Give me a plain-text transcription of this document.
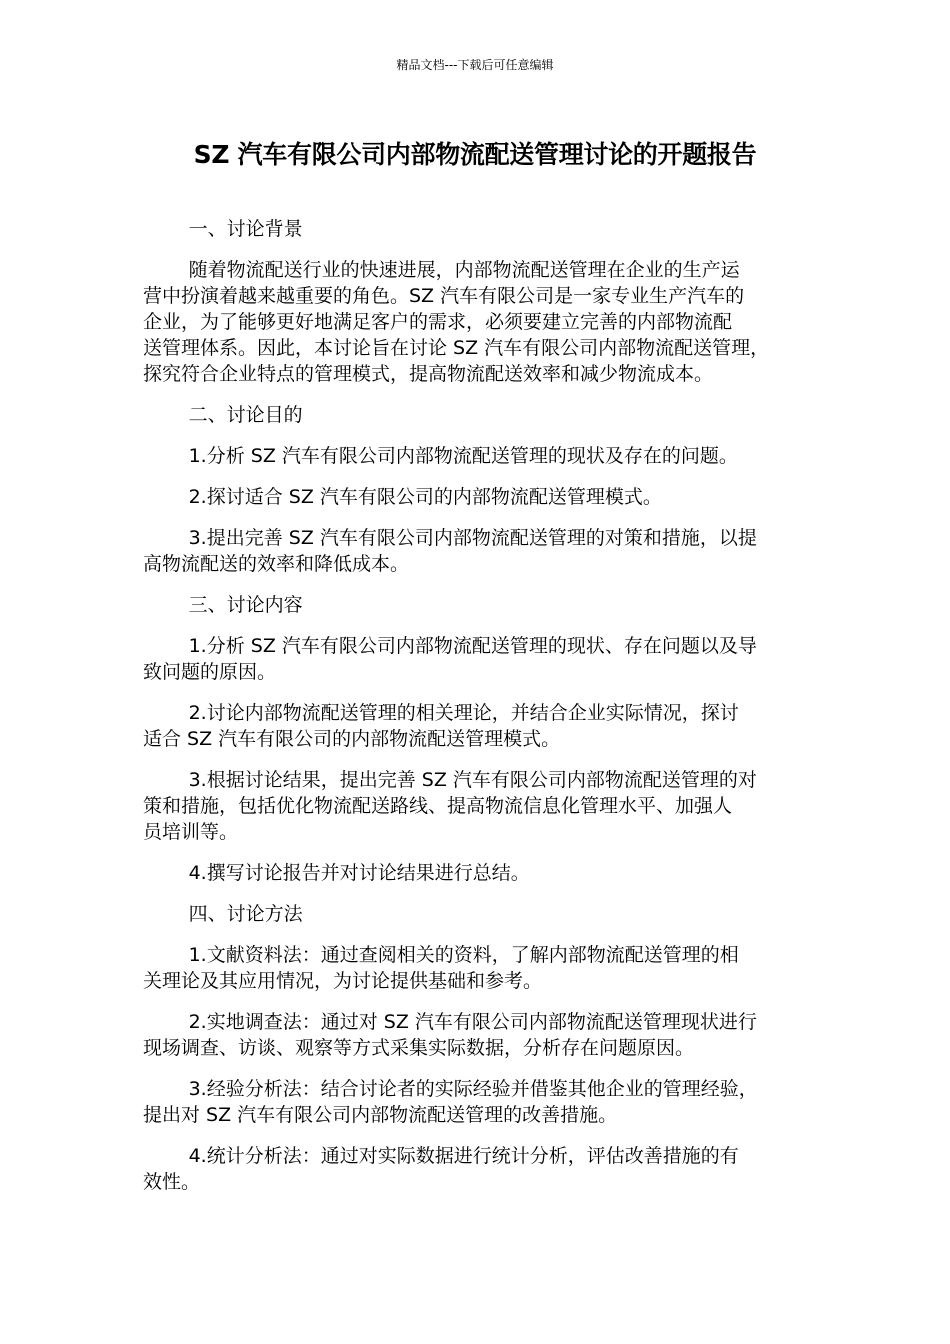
精品文档---下载后可任意编辑
SZ 汽车有限公司内部物流配送管理讨论的开题报告
一、讨论背景
随着物流配送行业的快速进展，内部物流配送管理在企业的生产运
营中扮演着越来越重要的角色。SZ 汽车有限公司是一家专业生产汽车的
企业，为了能够更好地满足客户的需求，必须要建立完善的内部物流配
送管理体系。因此，本讨论旨在讨论 SZ 汽车有限公司内部物流配送管理，
探究符合企业特点的管理模式，提高物流配送效率和减少物流成本。
二、讨论目的
1.分析 SZ 汽车有限公司内部物流配送管理的现状及存在的问题。
2.探讨适合 SZ 汽车有限公司的内部物流配送管理模式。
3.提出完善 SZ 汽车有限公司内部物流配送管理的对策和措施，以提
高物流配送的效率和降低成本。
三、讨论内容
1.分析 SZ 汽车有限公司内部物流配送管理的现状、存在问题以及导
致问题的原因。
2.讨论内部物流配送管理的相关理论，并结合企业实际情况，探讨
适合 SZ 汽车有限公司的内部物流配送管理模式。
3.根据讨论结果，提出完善 SZ 汽车有限公司内部物流配送管理的对
策和措施，包括优化物流配送路线、提高物流信息化管理水平、加强人
员培训等。
4.撰写讨论报告并对讨论结果进行总结。
四、讨论方法
1.文献资料法：通过查阅相关的资料，了解内部物流配送管理的相
关理论及其应用情况，为讨论提供基础和参考。
2.实地调查法：通过对 SZ 汽车有限公司内部物流配送管理现状进行
现场调查、访谈、观察等方式采集实际数据，分析存在问题原因。
3.经验分析法：结合讨论者的实际经验并借鉴其他企业的管理经验，
提出对 SZ 汽车有限公司内部物流配送管理的改善措施。
4.统计分析法：通过对实际数据进行统计分析，评估改善措施的有
效性。
